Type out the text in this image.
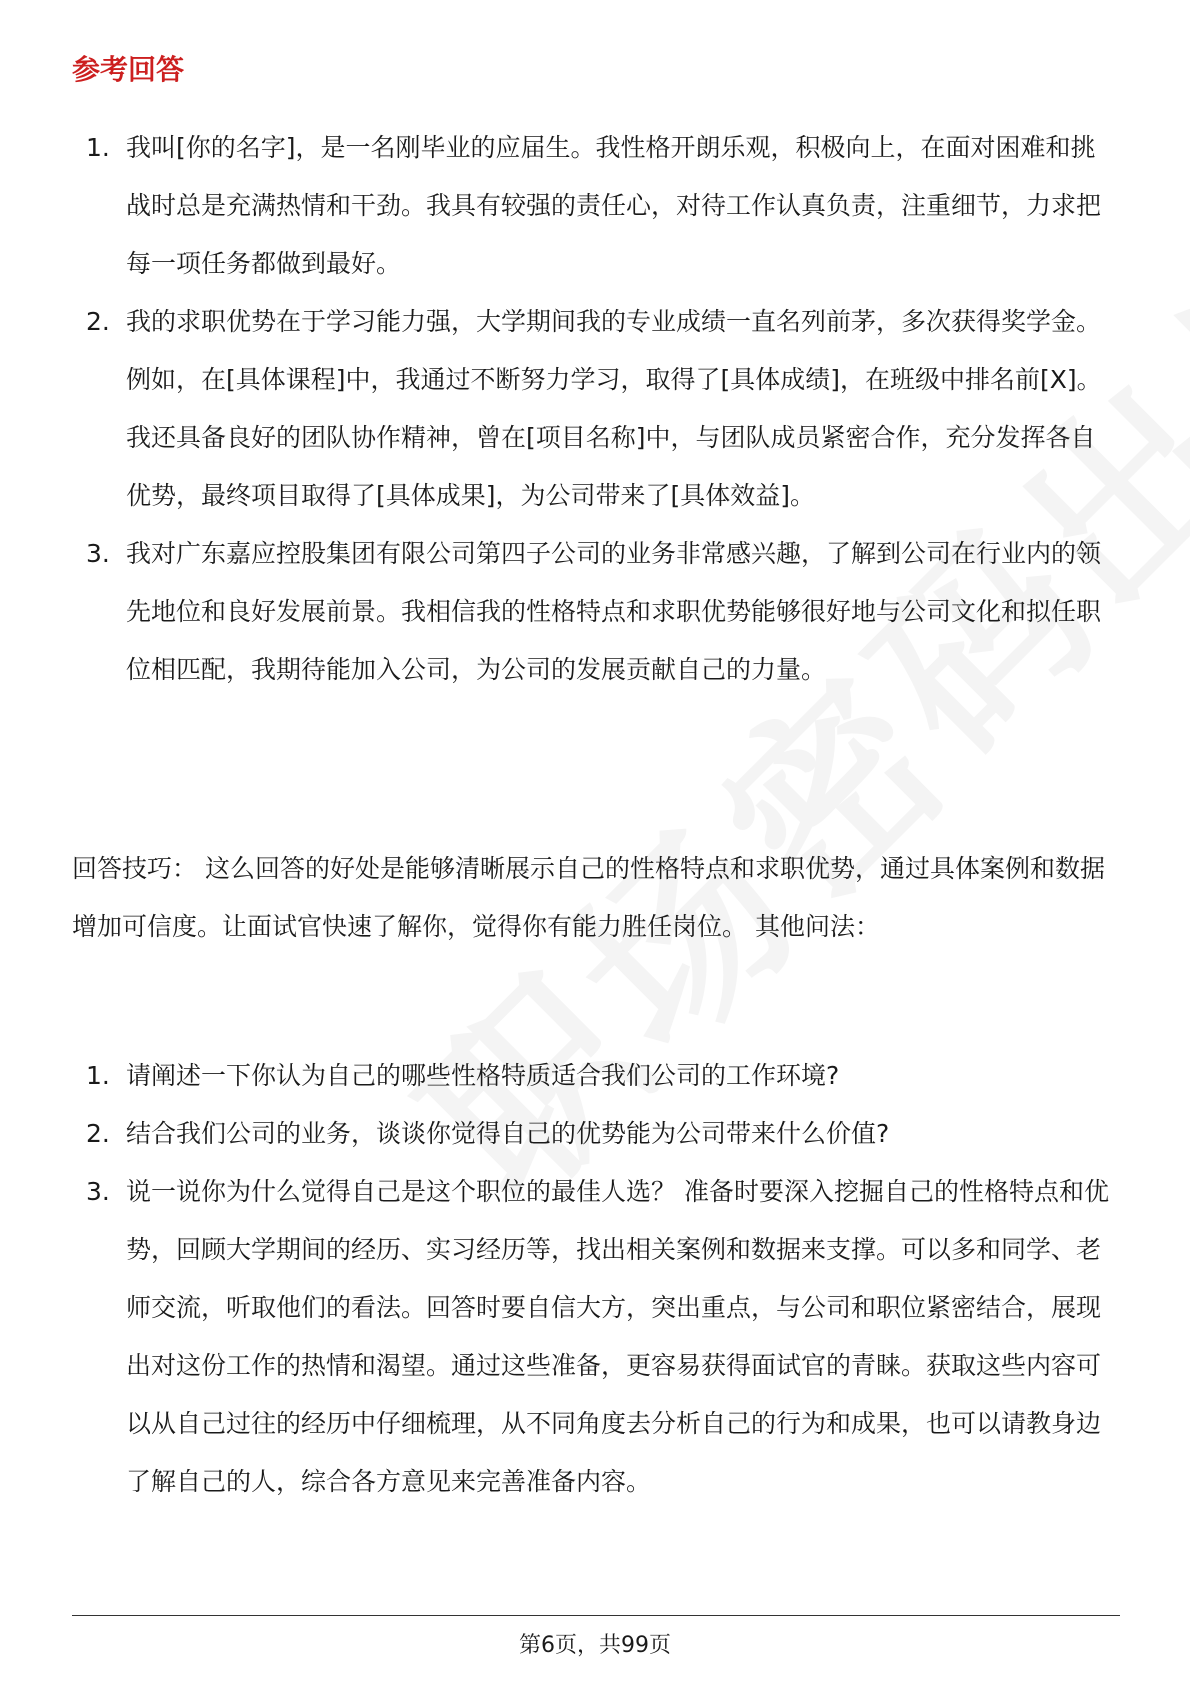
参考回答
1. 我叫[你的名字]，是一名刚毕业的应届生。我性格开朗乐观，积极向上，在面对困难和挑战时总是充满热情和干劲。我具有较强的责任心，对待工作认真负责，注重细节，力求把每一项任务都做到最好。
2. 我的求职优势在于学习能力强，大学期间我的专业成绩一直名列前茅，多次获得奖学金。例如，在[具体课程]中，我通过不断努力学习，取得了[具体成绩]，在班级中排名前[X]。我还具备良好的团队协作精神，曾在[项目名称]中，与团队成员紧密合作，充分发挥各自优势，最终项目取得了[具体成果]，为公司带来了[具体效益]。
3. 我对广东嘉应控股集团有限公司第四子公司的业务非常感兴趣，了解到公司在行业内的领先地位和良好发展前景。我相信我的性格特点和求职优势能够很好地与公司文化和拟任职位相匹配，我期待能加入公司，为公司的发展贡献自己的力量。
回答技巧： 这么回答的好处是能够清晰展示自己的性格特点和求职优势，通过具体案例和数据增加可信度。让面试官快速了解你，觉得你有能力胜任岗位。 其他问法：
1. 请阐述一下你认为自己的哪些性格特质适合我们公司的工作环境?
2. 结合我们公司的业务，谈谈你觉得自己的优势能为公司带来什么价值?
3. 说一说你为什么觉得自己是这个职位的最佳人选？ 准备时要深入挖掘自己的性格特点和优势，回顾大学期间的经历、实习经历等，找出相关案例和数据来支撑。可以多和同学、老师交流，听取他们的看法。回答时要自信大方，突出重点，与公司和职位紧密结合，展现出对这份工作的热情和渴望。通过这些准备，更容易获得面试官的青睐。获取这些内容可以从自己过往的经历中仔细梳理，从不同角度去分析自己的行为和成果，也可以请教身边了解自己的人，综合各方意见来完善准备内容。
第6页，共99页
